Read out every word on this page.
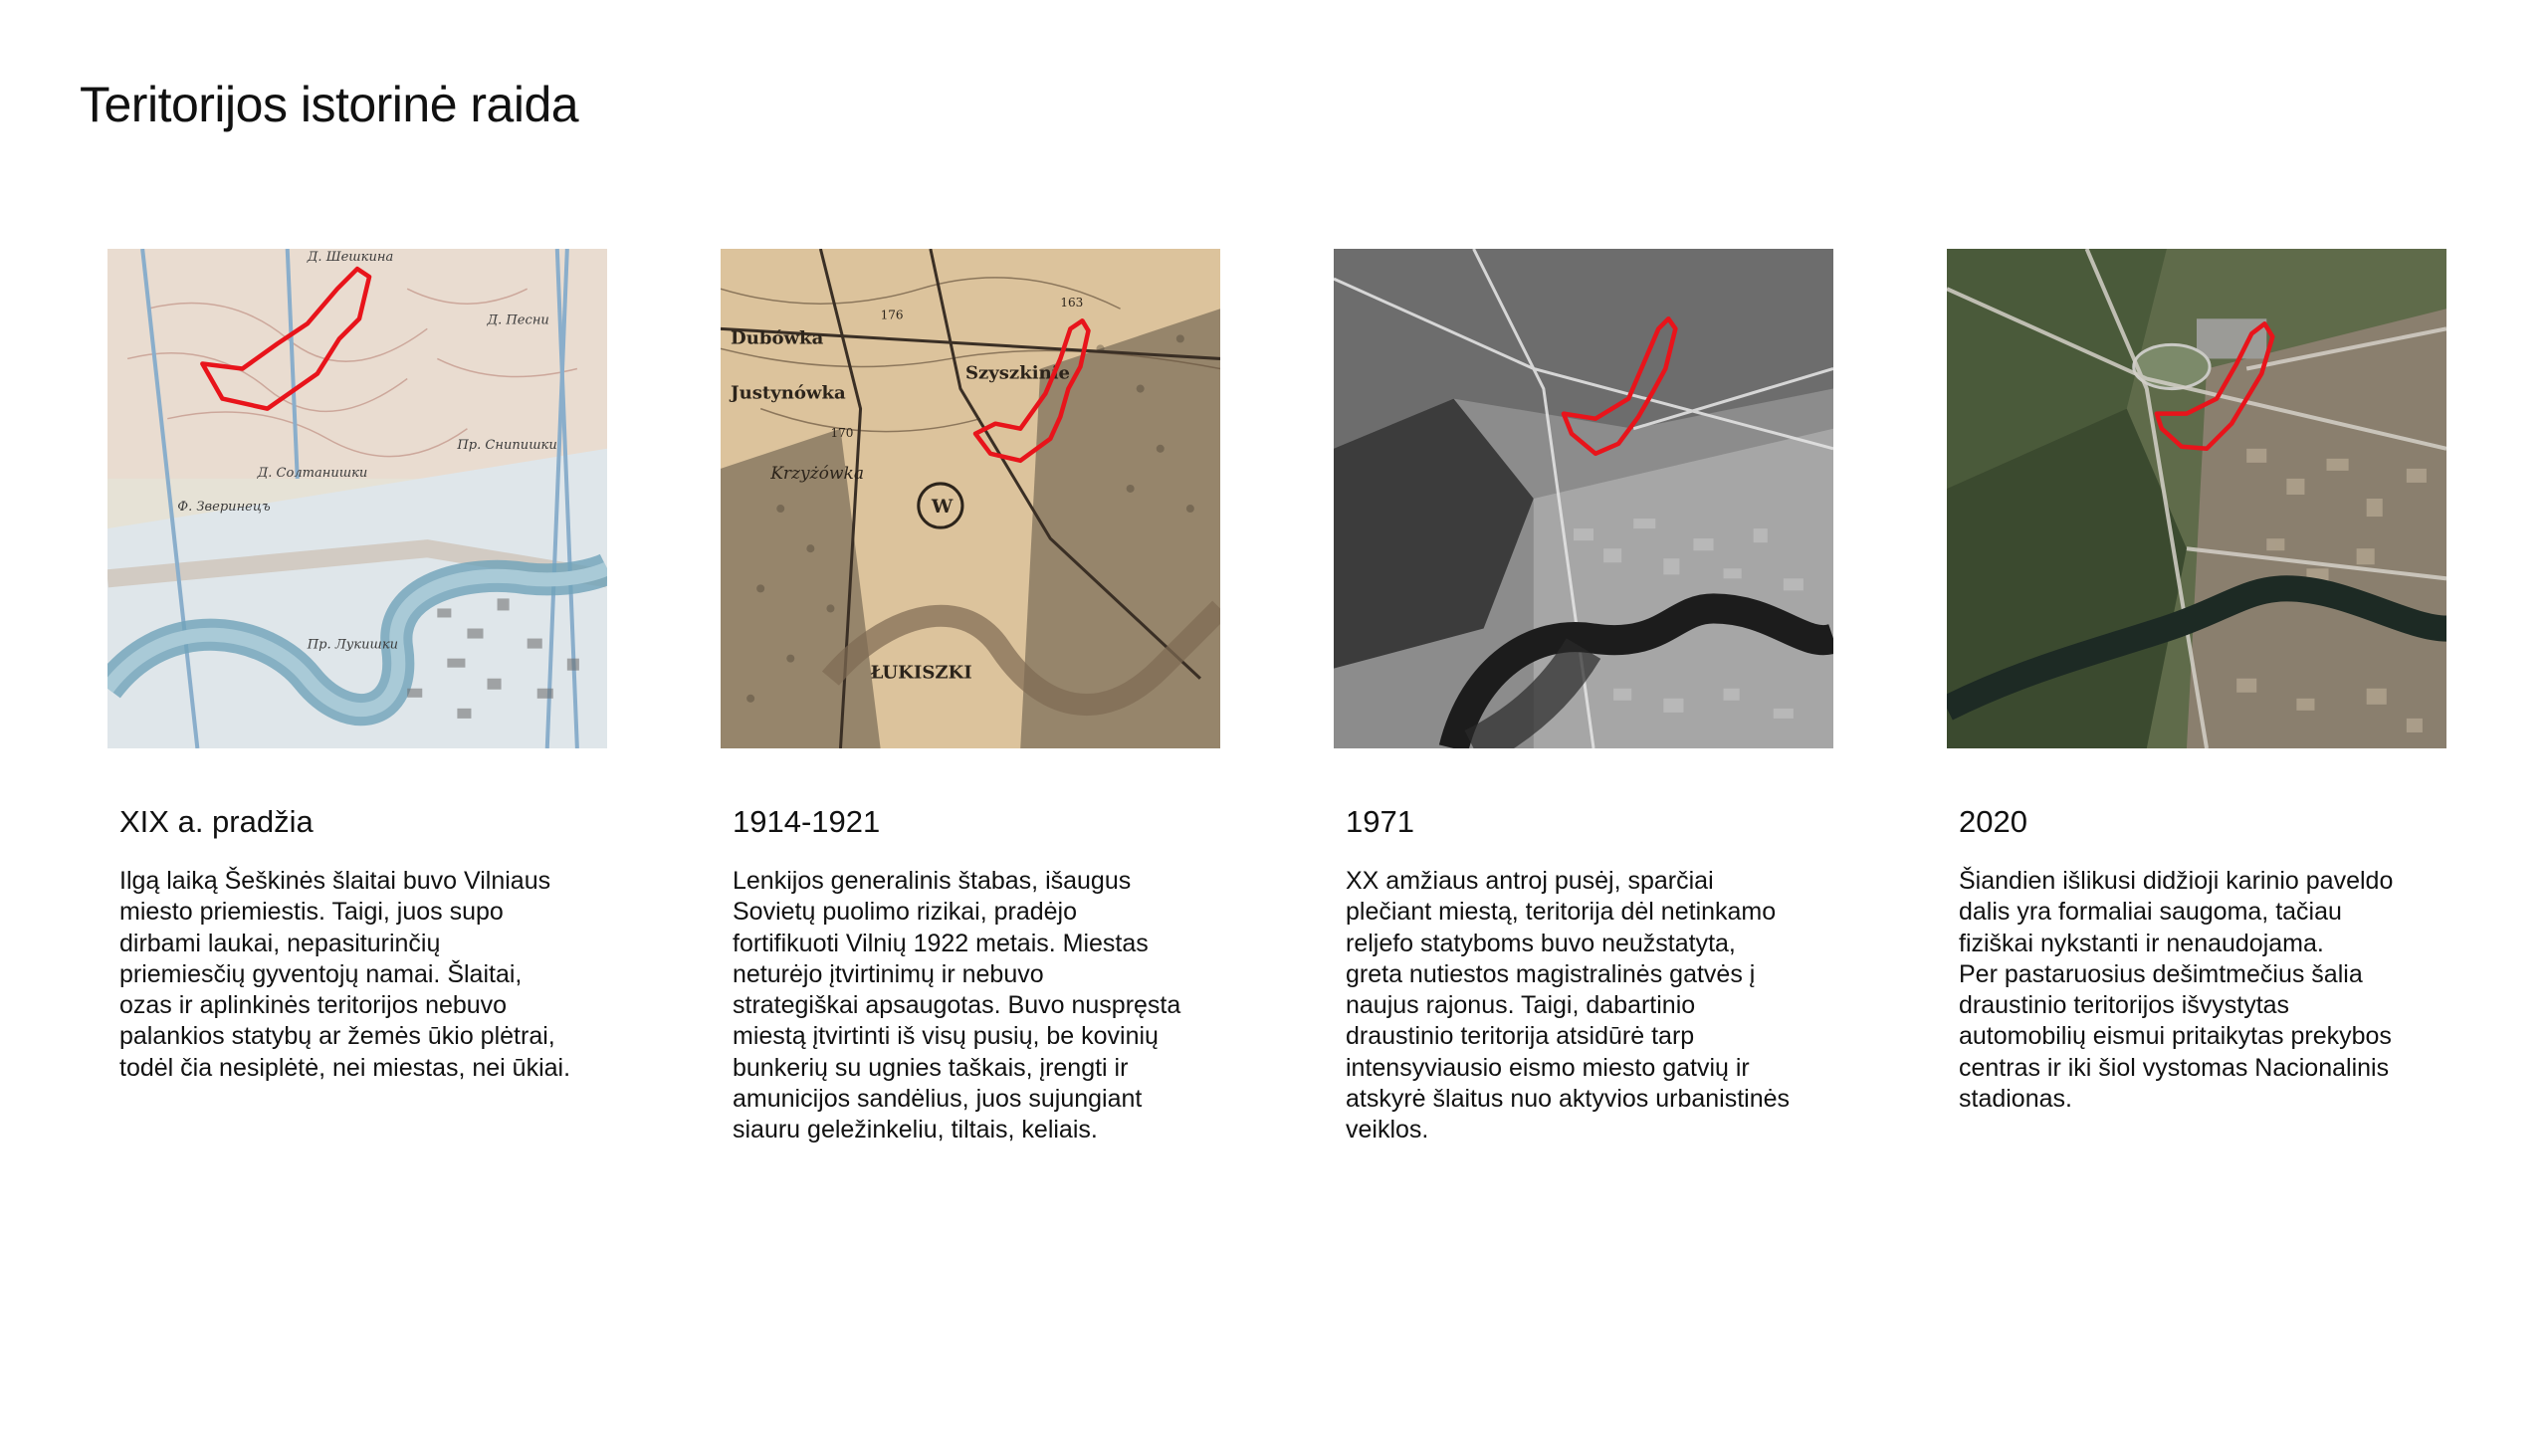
Teritorijos istorinė raida
Д. Шешкина
Д. Песни
Пр. Снипишки
Д. Солтанишки
Пр. Лукишки
Ф. Зверинецъ
XIX a. pradžia

Ilgą laiką Šeškinės šlaitai buvo Vilniaus
miesto priemiestis. Taigi, juos supo
dirbami laukai, nepasiturinčių
priemiesčių gyventojų namai. Šlaitai,
ozas ir aplinkinės teritorijos nebuvo
palankios statybų ar žemės ūkio plėtrai,
todėl čia nesiplėtė, nei miestas, nei ūkiai.

Dubówka
Justynówka
Szyszkinie
Krzyżówka
W
ŁUKISZKI
176
170
163
1914-1921

Lenkijos generalinis štabas, išaugus
Sovietų puolimo rizikai, pradėjo
fortifikuoti Vilnių 1922 metais. Miestas
neturėjo įtvirtinimų ir nebuvo
strategiškai apsaugotas. Buvo nuspręsta
miestą įtvirtinti iš visų pusių, be kovinių
bunkerių su ugnies taškais, įrengti ir
amunicijos sandėlius, juos sujungiant
siauru geležinkeliu, tiltais, keliais.

1971

XX amžiaus antroj pusėj, sparčiai
plečiant miestą, teritorija dėl netinkamo
reljefo statyboms buvo neužstatyta,
greta nutiestos magistralinės gatvės į
naujus rajonus. Taigi, dabartinio
draustinio teritorija atsidūrė tarp
intensyviausio eismo miesto gatvių ir
atskyrė šlaitus nuo aktyvios urbanistinės
veiklos.

2020

Šiandien išlikusi didžioji karinio paveldo
dalis yra formaliai saugoma, tačiau
fiziškai nykstanti ir nenaudojama.
Per pastaruosius dešimtmečius šalia
draustinio teritorijos išvystytas
automobilių eismui pritaikytas prekybos
centras ir iki šiol vystomas Nacionalinis
stadionas.
